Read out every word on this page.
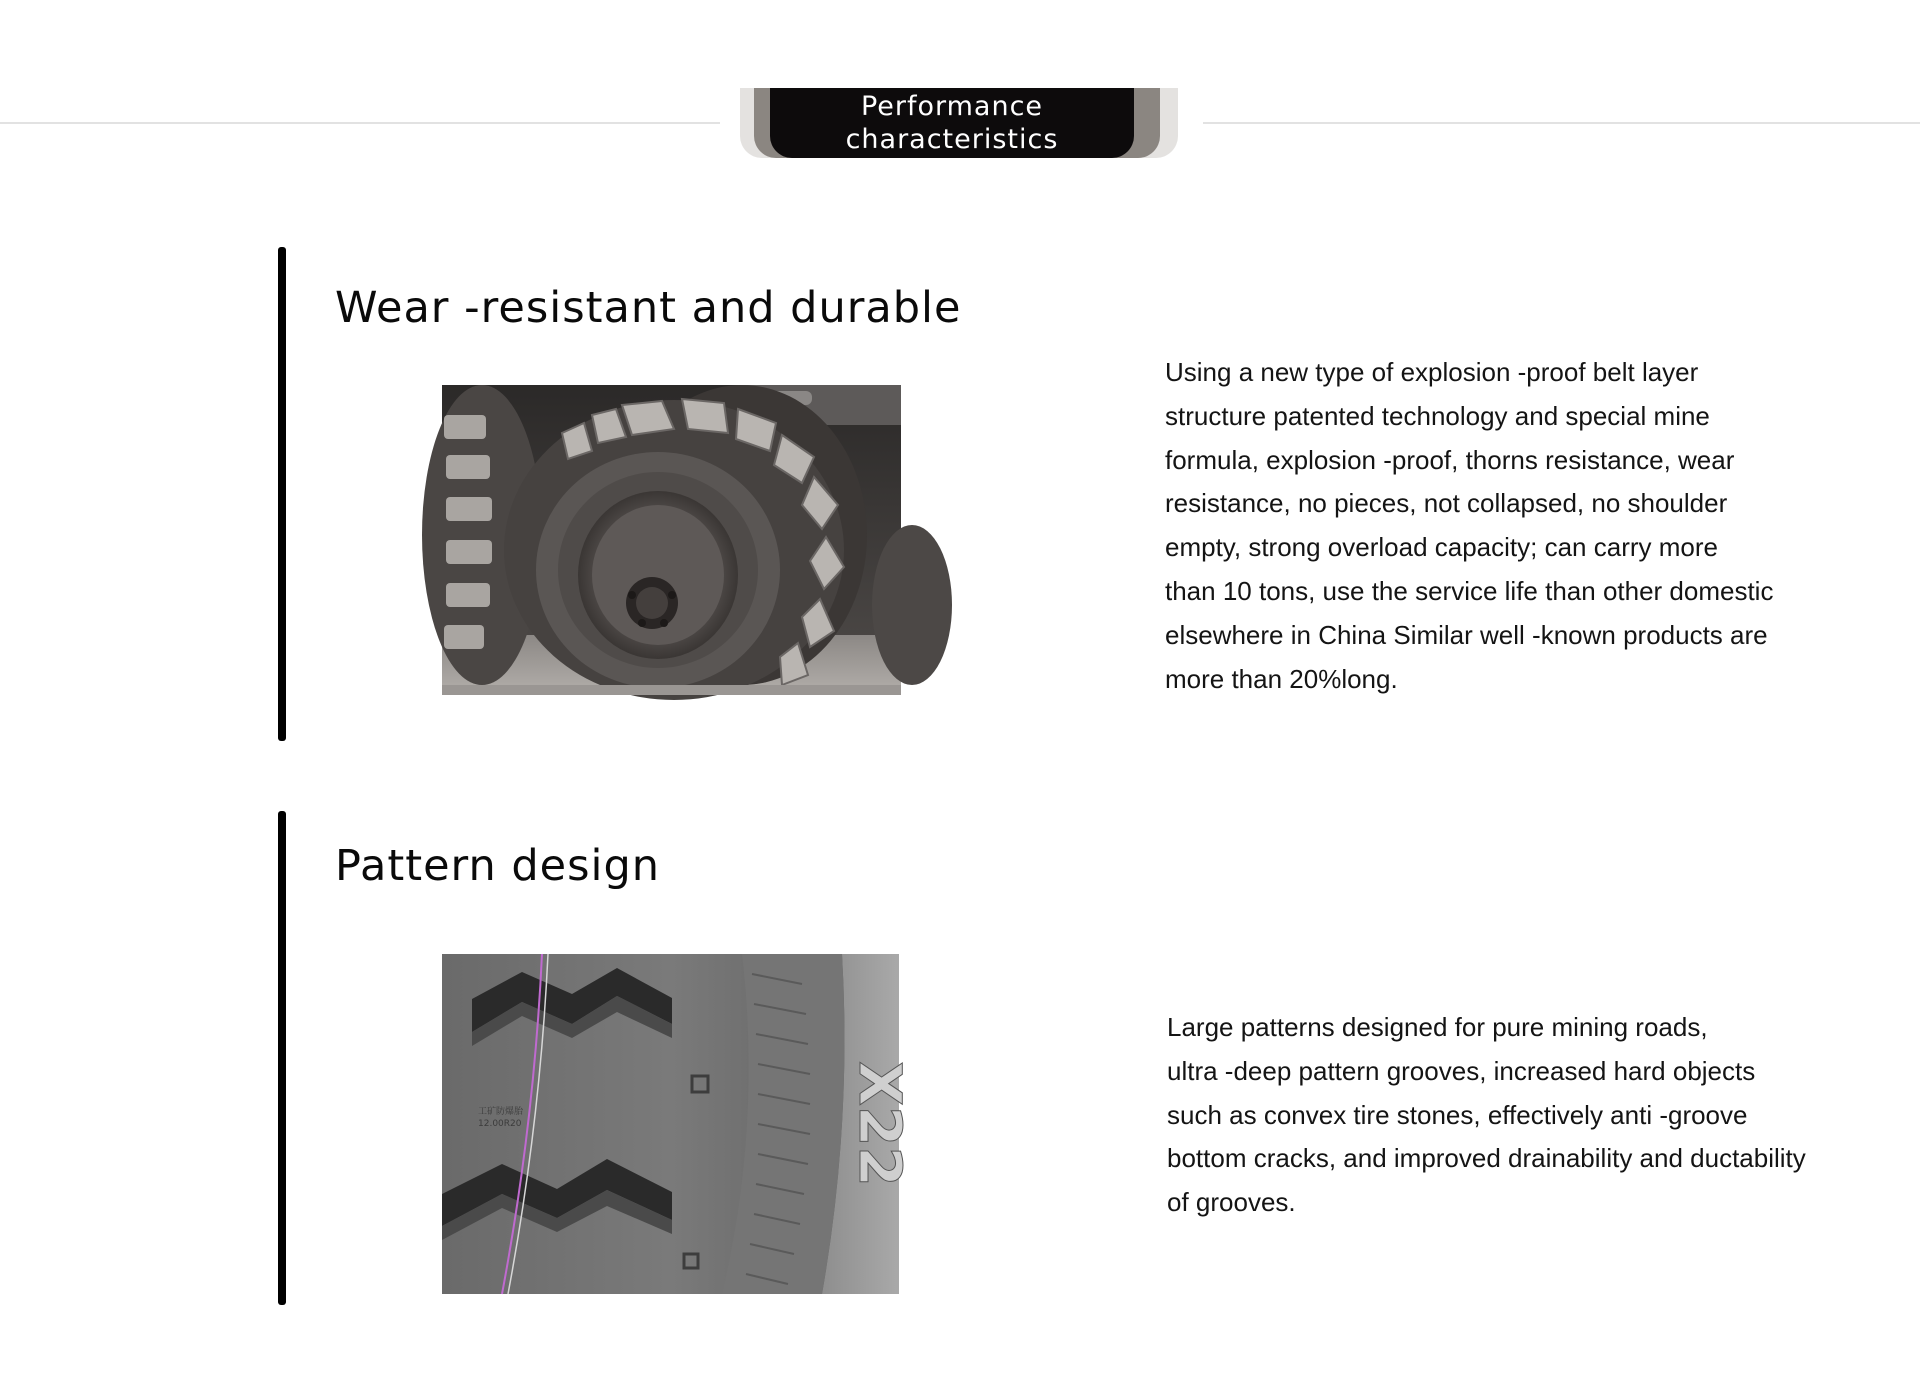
Performance
characteristics
Wear -resistant and durable
Using a new type of explosion -proof belt layer
structure patented technology and special mine
formula, explosion -proof, thorns resistance, wear
resistance, no pieces, not collapsed, no shoulder
empty, strong overload capacity; can carry more
than 10 tons, use the service life than other domestic
elsewhere in China Similar well -known products are
more than 20%long.
Pattern design
工矿防爆胎
12.00R20	X22
Large patterns designed for pure mining roads,
ultra -deep pattern grooves, increased hard objects
such as convex tire stones, effectively anti -groove
bottom cracks, and improved drainability and ductability
of grooves.
